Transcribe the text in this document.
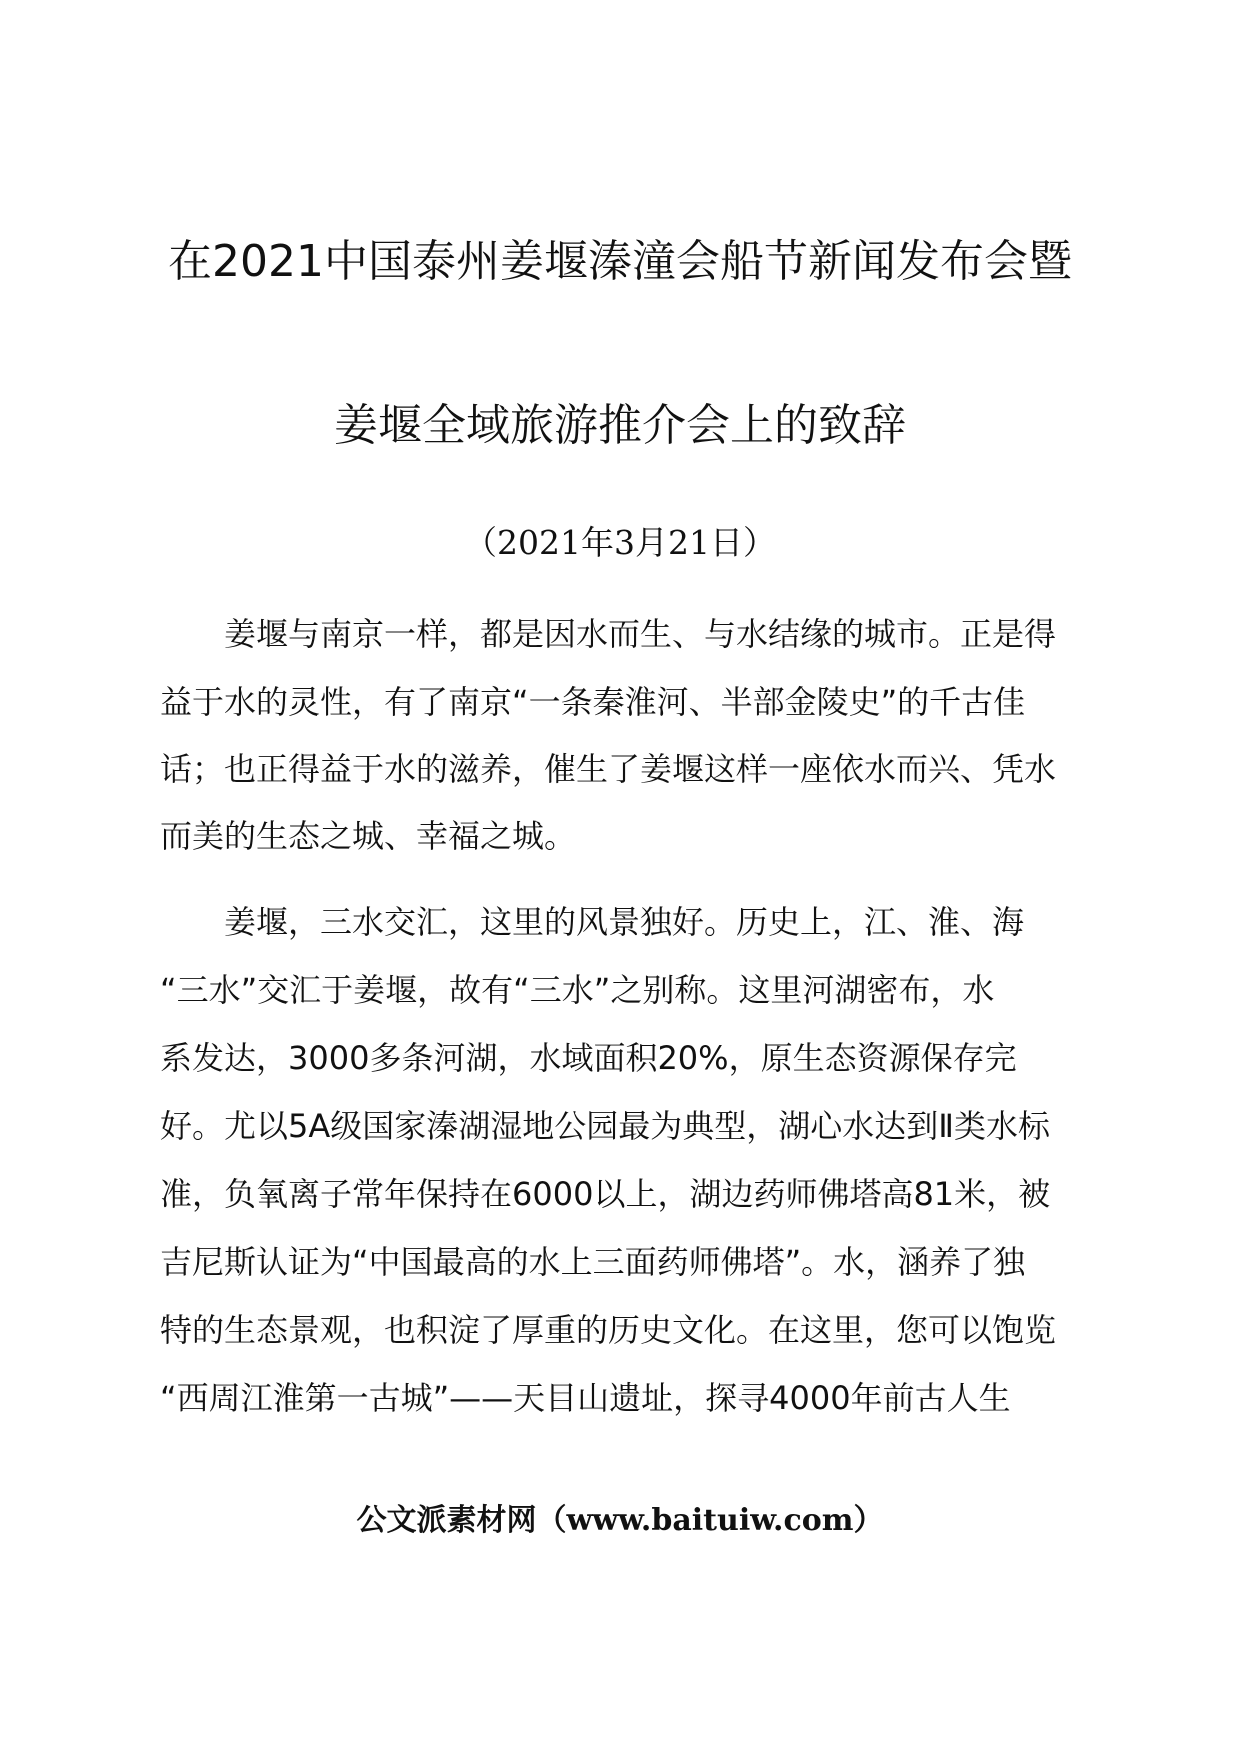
在2021中国泰州姜堰溱潼会船节新闻发布会暨
姜堰全域旅游推介会上的致辞
（2021年3月21日）
　　姜堰与南京一样，都是因水而生、与水结缘的城市。正是得
益于水的灵性，有了南京“一条秦淮河、半部金陵史”的千古佳
话；也正得益于水的滋养，催生了姜堰这样一座依水而兴、凭水
而美的生态之城、幸福之城。
　　姜堰，三水交汇，这里的风景独好。历史上，江、淮、海
“三水”交汇于姜堰，故有“三水”之别称。这里河湖密布，水
系发达，3000多条河湖，水域面积20%，原生态资源保存完
好。尤以5A级国家溱湖湿地公园最为典型，湖心水达到Ⅱ类水标
准，负氧离子常年保持在6000以上，湖边药师佛塔高81米，被
吉尼斯认证为“中国最高的水上三面药师佛塔”。水，涵养了独
特的生态景观，也积淀了厚重的历史文化。在这里，您可以饱览
“西周江淮第一古城”——天目山遗址，探寻4000年前古人生
公文派素材网（www.baituiw.com）
